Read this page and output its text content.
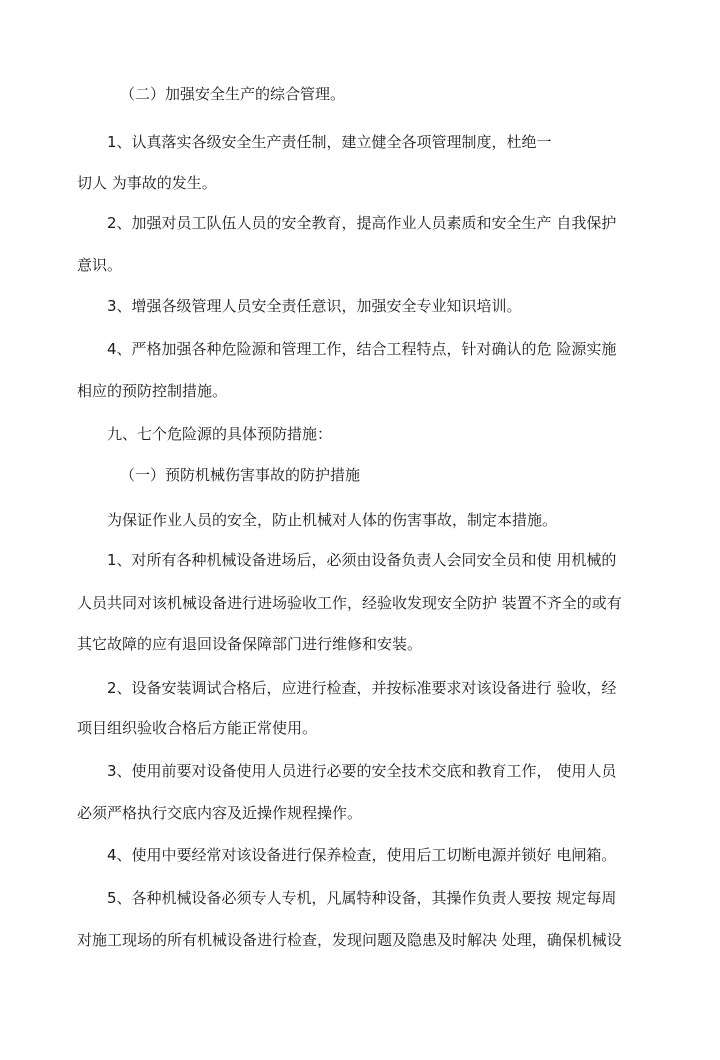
（二）加强安全生产的综合管理。
1、认真落实各级安全生产责任制，建立健全各项管理制度，杜绝一
切人 为事故的发生。
2、加强对员工队伍人员的安全教育，提高作业人员素质和安全生产 自我保护
意识。
3、增强各级管理人员安全责任意识，加强安全专业知识培训。
4、严格加强各种危险源和管理工作，结合工程特点，针对确认的危 险源实施
相应的预防控制措施。
九、七个危险源的具体预防措施：
（一）预防机械伤害事故的防护措施
为保证作业人员的安全，防止机械对人体的伤害事故，制定本措施。
1、对所有各种机械设备进场后，必须由设备负责人会同安全员和使 用机械的
人员共同对该机械设备进行进场验收工作，经验收发现安全防护 装置不齐全的或有
其它故障的应有退回设备保障部门进行维修和安装。
2、设备安装调试合格后，应进行检查，并按标准要求对该设备进行 验收，经
项目组织验收合格后方能正常使用。
3、使用前要对设备使用人员进行必要的安全技术交底和教育工作， 使用人员
必须严格执行交底内容及近操作规程操作。
4、使用中要经常对该设备进行保养检查，使用后工切断电源并锁好 电闸箱。
5、各种机械设备必须专人专机，凡属特种设备，其操作负责人要按 规定每周
对施工现场的所有机械设备进行检查，发现问题及隐患及时解决 处理，确保机械设
